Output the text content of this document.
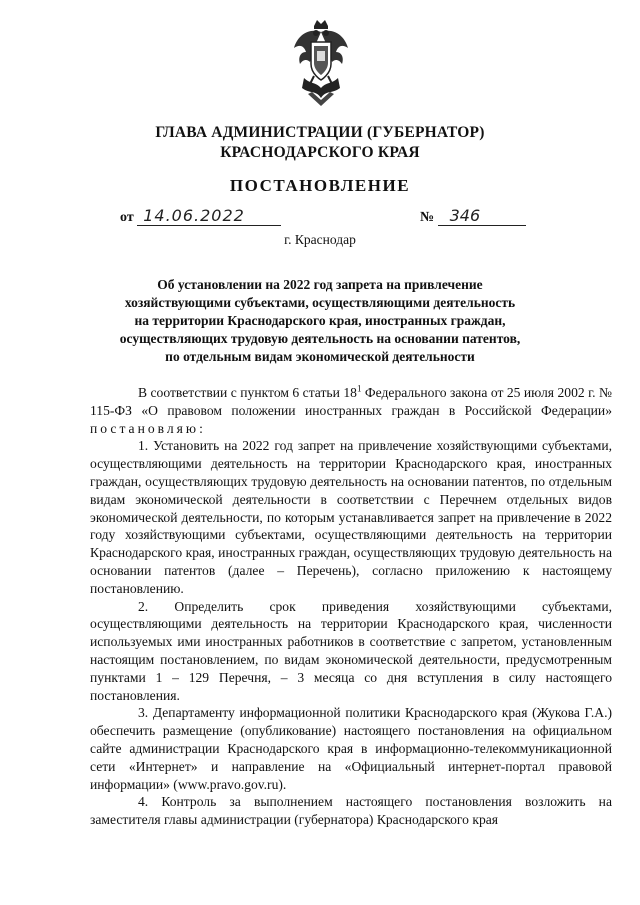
ГЛАВА АДМИНИСТРАЦИИ (ГУБЕРНАТОР)
КРАСНОДАРСКОГО КРАЯ
ПОСТАНОВЛЕНИЕ
от 14.06.2022	№ 346
г. Краснодар
Об установлении на 2022 год запрета на привлечение
хозяйствующими субъектами, осуществляющими деятельность
на территории Краснодарского края, иностранных граждан,
осуществляющих трудовую деятельность на основании патентов,
по отдельным видам экономической деятельности

В соответствии с пунктом 6 статьи $18^1$ Федерального закона от 25 июля 2002 г. № 115-ФЗ «О правовом положении иностранных граждан в Российской Федерации» постановляю:

1. Установить на 2022 год запрет на привлечение хозяйствующими субъектами, осуществляющими деятельность на территории Краснодарского края, иностранных граждан, осуществляющих трудовую деятельность на основании патентов, по отдельным видам экономической деятельности в соответствии с Перечнем отдельных видов экономической деятельности, по которым устанавливается запрет на привлечение в 2022 году хозяйствующими субъектами, осуществляющими деятельность на территории Краснодарского края, иностранных граждан, осуществляющих трудовую деятельность на основании патентов (далее – Перечень), согласно приложению к настоящему постановлению.

2. Определить срок приведения хозяйствующими субъектами, осуществляющими деятельность на территории Краснодарского края, численности используемых ими иностранных работников в соответствие с запретом, установленным настоящим постановлением, по видам экономической деятельности, предусмотренным пунктами 1 – 129 Перечня, – 3 месяца со дня вступления в силу настоящего постановления.

3. Департаменту информационной политики Краснодарского края (Жукова Г.А.) обеспечить размещение (опубликование) настоящего постановления на официальном сайте администрации Краснодарского края в информационно-телекоммуникационной сети «Интернет» и направление на «Официальный интернет-портал правовой информации» (www.pravo.gov.ru).

4. Контроль за выполнением настоящего постановления возложить на заместителя главы администрации (губернатора) Краснодарского края
